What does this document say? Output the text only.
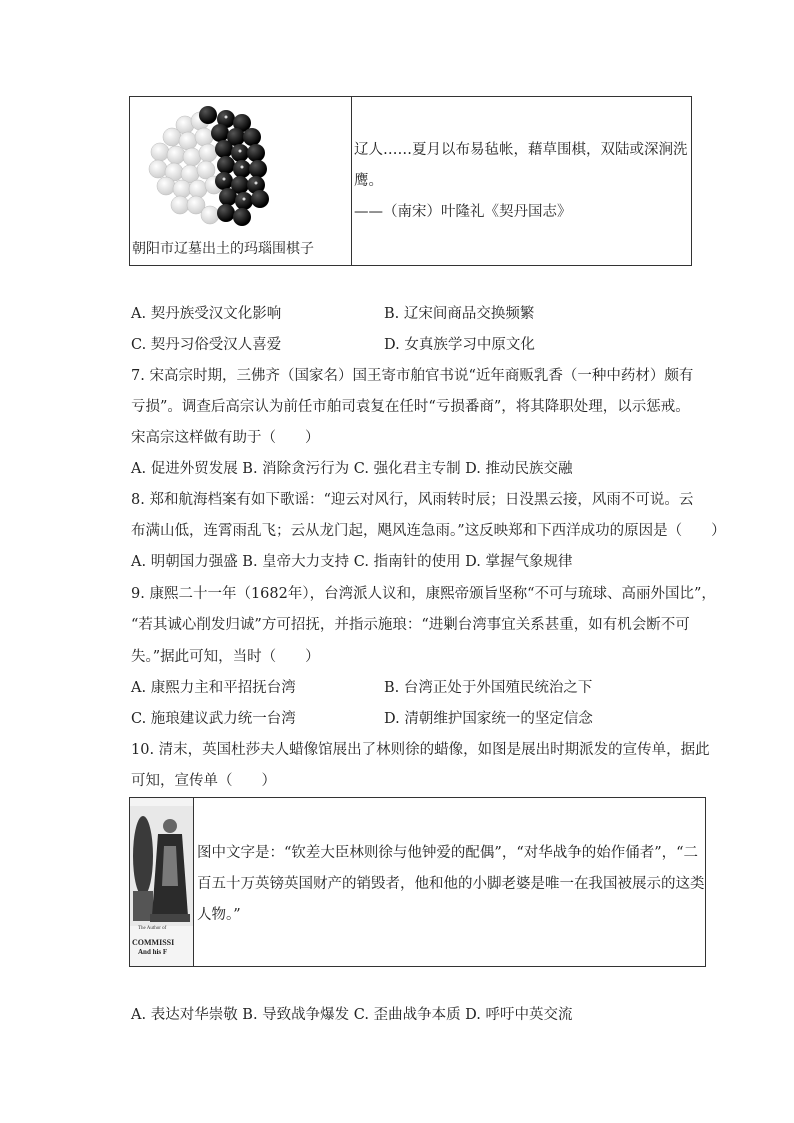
朝阳市辽墓出土的玛瑙围棋子

辽人……夏月以布易毡帐，藉草围棋，双陆或深涧洗鹰。
——（南宋）叶隆礼《契丹国志》
A. 契丹族受汉文化影响	B. 辽宋间商品交换频繁
C. 契丹习俗受汉人喜爱	D. 女真族学习中原文化
7. 宋高宗时期，三佛齐（国家名）国王寄市舶官书说“近年商贩乳香（一种中药材）颇有
亏损”。调查后高宗认为前任市舶司袁复在任时“亏损番商”，将其降职处理，以示惩戒。
宋高宗这样做有助于（　　）
A. 促进外贸发展 B. 消除贪污行为 C. 强化君主专制 D. 推动民族交融
8. 郑和航海档案有如下歌谣：“迎云对风行，风雨转时辰；日没黑云接，风雨不可说。云
布满山低，连霄雨乱飞；云从龙门起，飓风连急雨。”这反映郑和下西洋成功的原因是（　　）
A. 明朝国力强盛 B. 皇帝大力支持 C. 指南针的使用 D. 掌握气象规律
9. 康熙二十一年（1682年），台湾派人议和，康熙帝颁旨坚称“不可与琉球、高丽外国比”，
“若其诚心削发归诚”方可招抚，并指示施琅：“进剿台湾事宜关系甚重，如有机会断不可
失。”据此可知，当时（　　）
A. 康熙力主和平招抚台湾	B. 台湾正处于外国殖民统治之下
C. 施琅建议武力统一台湾	D. 清朝维护国家统一的坚定信念
10. 清末，英国杜莎夫人蜡像馆展出了林则徐的蜡像，如图是展出时期派发的宣传单，据此
可知，宣传单（　　）
The Author of
COMMISSI
And his F

图中文字是：“钦差大臣林则徐与他钟爱的配偶”，“对华战争的始作俑者”，“二
百五十万英镑英国财产的销毁者，他和他的小脚老婆是唯一在我国被展示的这类
人物。”
A. 表达对华崇敬 B. 导致战争爆发 C. 歪曲战争本质 D. 呼吁中英交流
